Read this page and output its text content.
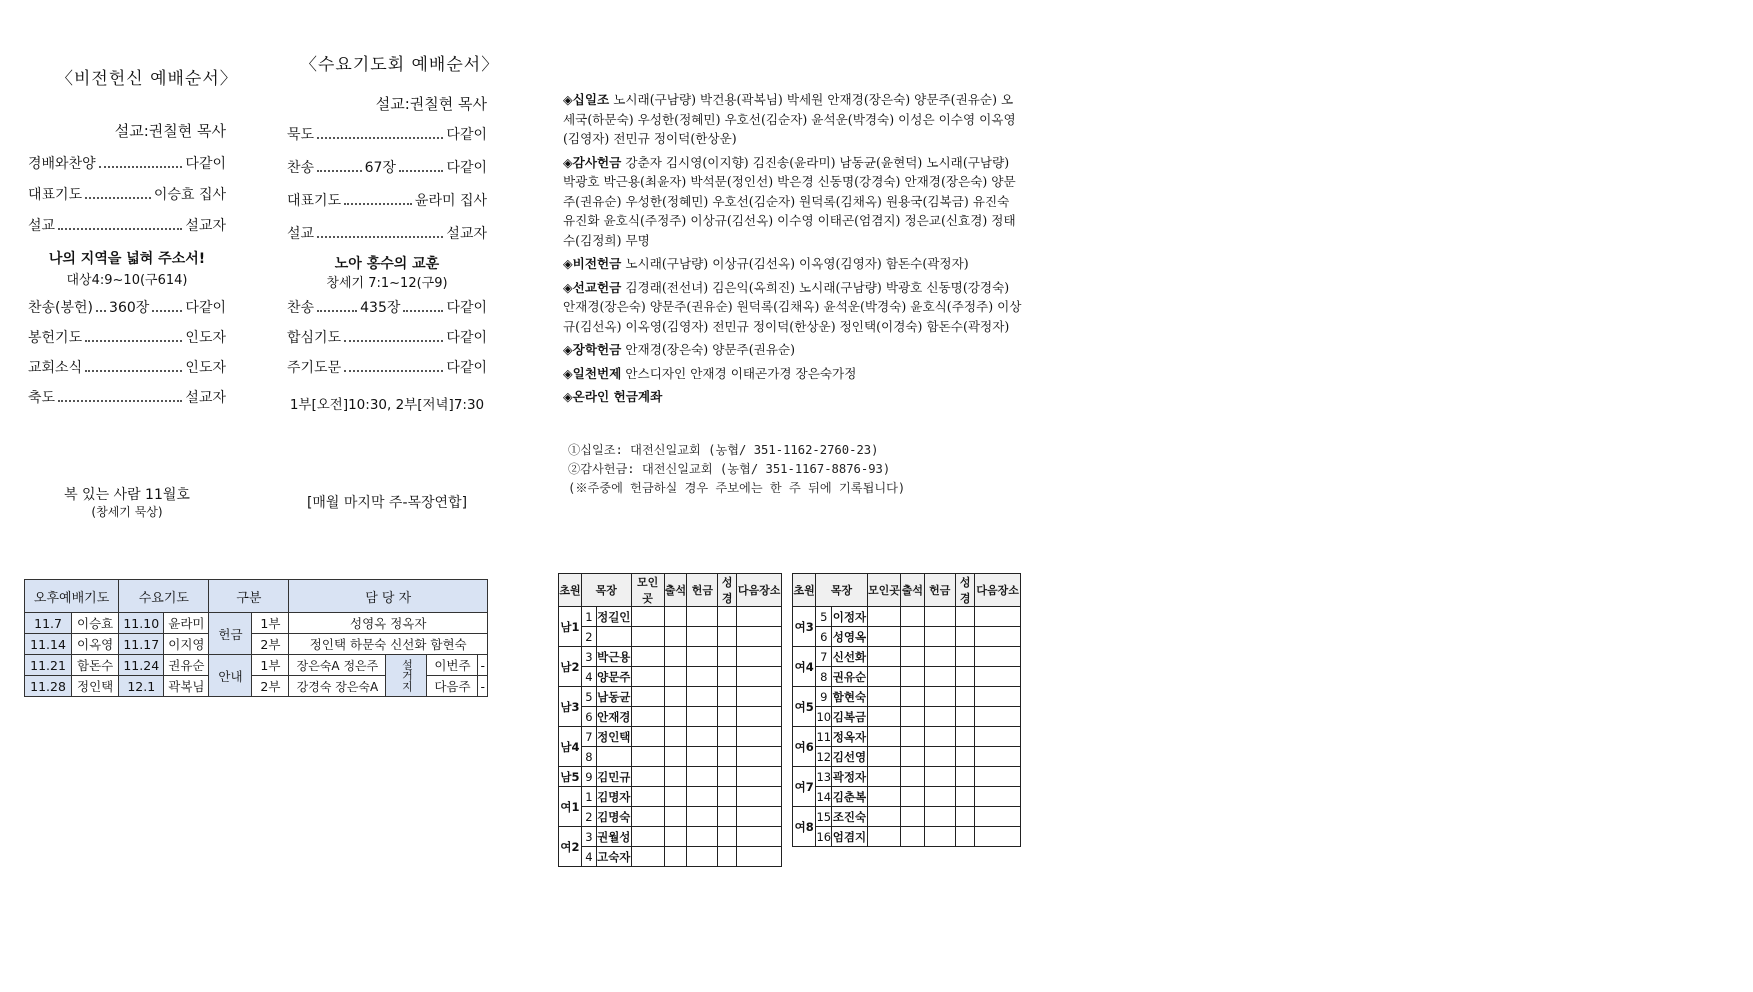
〈비전헌신 예배순서〉
설교:권칠현 목사
경배와찬양	다같이
대표기도	이승효 집사
설교	설교자
나의 지역을 넓혀 주소서!
대상4:9~10(구614)
찬송(봉헌) 360장	다같이
봉헌기도	인도자
교회소식	인도자
축도	설교자
복 있는 사람 11월호
(창세기 묵상)
〈수요기도회 예배순서〉
설교:권칠현 목사
묵도	다같이
찬송	67장	다같이
대표기도	윤라미 집사
설교	설교자
노아 홍수의 교훈
창세기 7:1~12(구9)
찬송	435장	다같이
합심기도	다같이
주기도문	다같이
1부[오전]10:30, 2부[저녁]7:30
[매월 마지막 주-목장연합]

◈십일조 노시래(구남량) 박건용(곽복님) 박세원 안재경(장은숙) 양문주(권유순) 오세국(하문숙) 우성한(정혜민) 우호선(김순자) 윤석운(박경숙) 이성은 이수영 이옥영(김영자) 전민규 정이덕(한상운)

◈감사헌금 강춘자 김시영(이지향) 김진송(윤라미) 남동균(윤현덕) 노시래(구남량) 박광호 박근용(최윤자) 박석문(정인선) 박은경 신동명(강경숙) 안재경(장은숙) 양문주(권유순) 우성한(정혜민) 우호선(김순자) 원덕록(김채옥) 원용국(김복금) 유진숙 유진화 윤호식(주정주) 이상규(김선옥) 이수영 이태곤(엄겸지) 정은교(신효경) 정태수(김정희) 무명

◈비전헌금 노시래(구남량) 이상규(김선옥) 이옥영(김영자) 함돈수(곽정자)

◈선교헌금 김경래(전선녀) 김은익(옥희진) 노시래(구남량) 박광호 신동명(강경숙) 안재경(장은숙) 양문주(권유순) 원덕록(김채옥) 윤석운(박경숙) 윤호식(주정주) 이상규(김선옥) 이옥영(김영자) 전민규 정이덕(한상운) 정인택(이경숙) 함돈수(곽정자)

◈장학헌금 안재경(장은숙) 양문주(권유순)

◈일천번제 안스디자인 안재경 이태곤가경 장은숙가정

◈온라인 헌금계좌

①십일조: 대전신일교회 (농협/ 351-1162-2760-23)
②감사헌금: 대전신일교회 (농협/ 351-1167-8876-93)
(※주중에 헌금하실 경우 주보에는 한 주 뒤에 기록됩니다)
오후예배기도		수요기도		구분		담 당 자			
11.7	이승효	11.10	윤라미	헌금	1부	성영옥 정옥자			
11.14	이옥영	11.17	이지영		2부	정인택 하문숙 신선화 함현숙			
11.21	함돈수	11.24	권유순	안내	1부	장은숙A 정은주	설거지	이번주	-
11.28	정인택	12.1	곽복님		2부	강경숙 장은숙A		다음주	-
초원	목장		모인곳	출석	헌금	성경	다음장소
남1	1	정길인					
	2						
남2	3	박근용					
	4	양문주					
남3	5	남동균					
	6	안재경					
남4	7	정인택					
	8						
남5	9	김민규					
여1	1	김명자					
	2	김명숙					
여2	3	권월성					
	4	고숙자					
초원	목장		모인곳	출석	헌금	성경	다음장소
여3	5	이정자					
	6	성영옥					
여4	7	신선화					
	8	권유순					
여5	9	함현숙					
	10	김복금					
여6	11	정옥자					
	12	김선영					
여7	13	곽정자					
	14	김춘복					
여8	15	조진숙					
	16	엄겸지					
